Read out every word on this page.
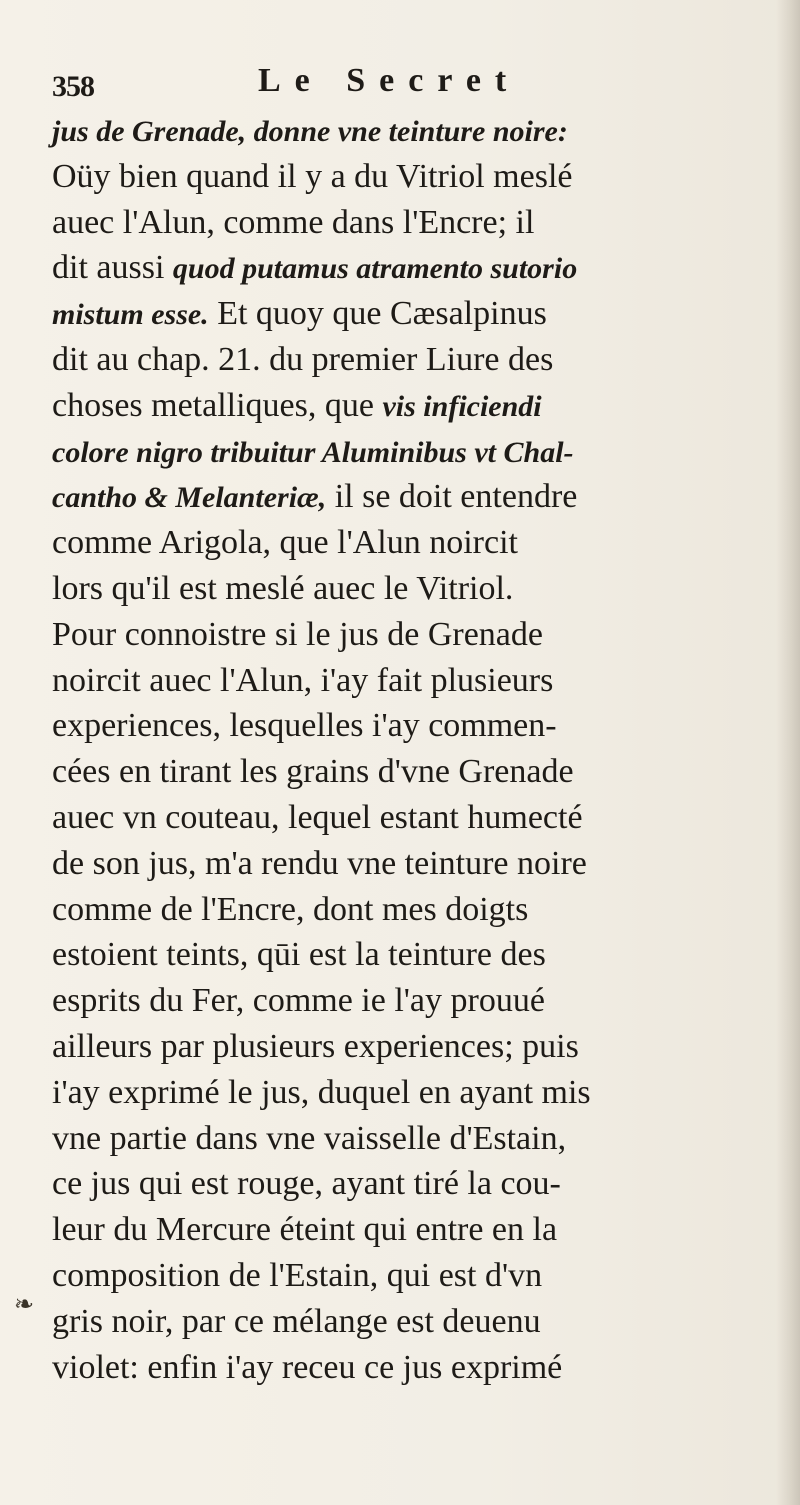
358	Le Secret
jus de Grenade, donne vne teinture noire:
Oüy bien quand il y a du Vitriol meslé
auec l'Alun, comme dans l'Encre; il
dit aussi quod putamus atramento sutorio
mistum esse. Et quoy que Cæsalpinus
dit au chap. 21. du premier Liure des
choses metalliques, que vis inficiendi
colore nigro tribuitur Aluminibus vt Chal-
cantho & Melanteriæ, il se doit entendre
comme Arigola, que l'Alun noircit
lors qu'il est meslé auec le Vitriol.
Pour connoistre si le jus de Grenade
noircit auec l'Alun, i'ay fait plusieurs
experiences, lesquelles i'ay commen-
cées en tirant les grains d'vne Grenade
auec vn couteau, lequel estant humecté
de son jus, m'a rendu vne teinture noire
comme de l'Encre, dont mes doigts
estoient teints, qūi est la teinture des
esprits du Fer, comme ie l'ay prouué
ailleurs par plusieurs experiences; puis
i'ay exprimé le jus, duquel en ayant mis
vne partie dans vne vaisselle d'Estain,
ce jus qui est rouge, ayant tiré la cou-
leur du Mercure éteint qui entre en la
composition de l'Estain, qui est d'vn
gris noir, par ce mélange est deuenu
violet: enfin i'ay receu ce jus exprimé
❧
